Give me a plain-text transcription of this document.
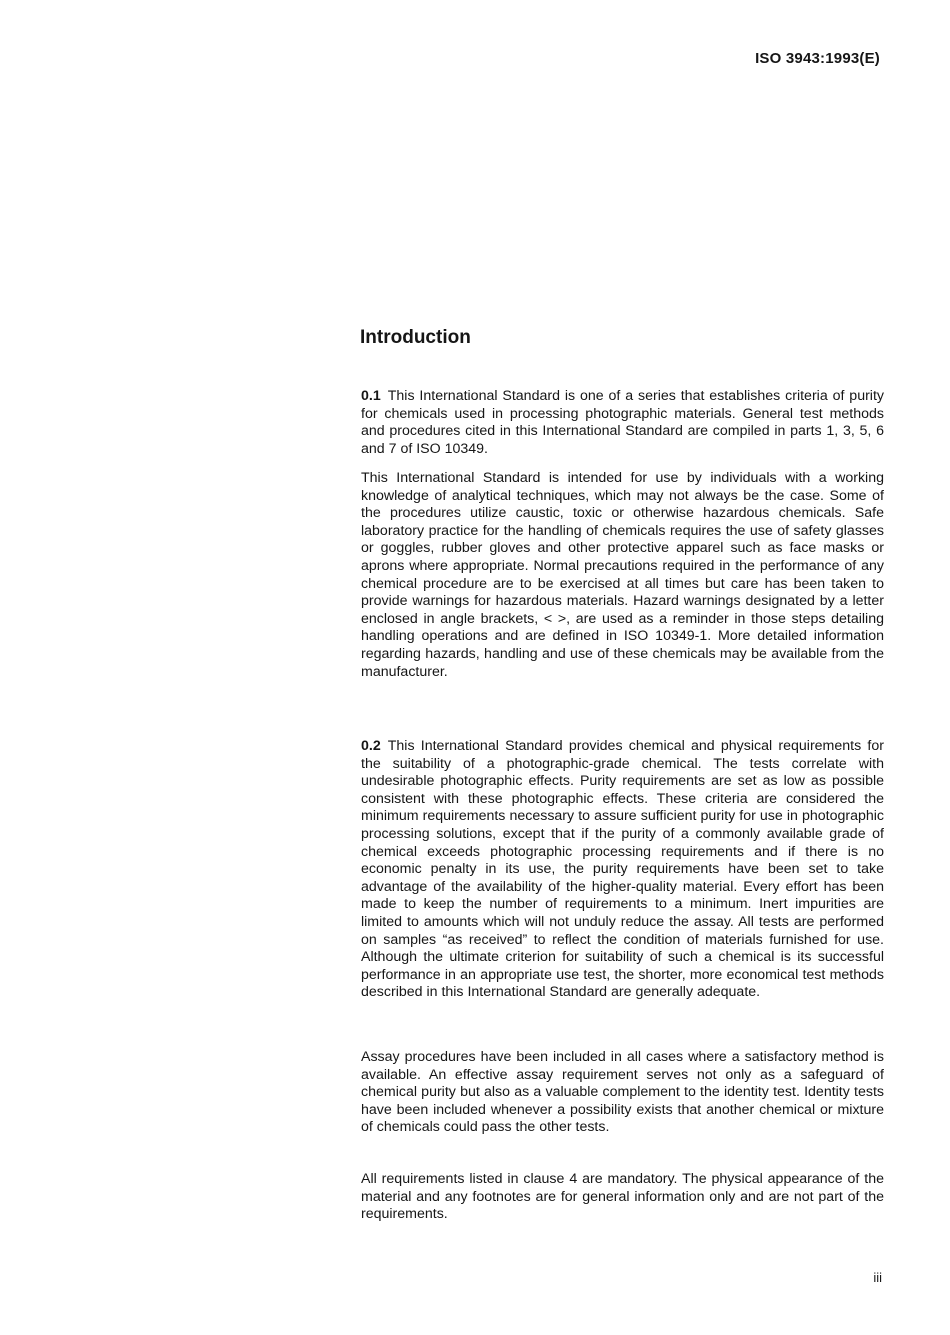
ISO 3943:1993(E)
Introduction

0.1 This International Standard is one of a series that establishes criteria of purity for chemicals used in processing photographic materials. General test methods and procedures cited in this International Standard are compiled in parts 1, 3, 5, 6 and 7 of ISO 10349.

This International Standard is intended for use by individuals with a working knowledge of analytical techniques, which may not always be the case. Some of the procedures utilize caustic, toxic or otherwise hazardous chemicals. Safe laboratory practice for the handling of chemicals requires the use of safety glasses or goggles, rubber gloves and other protective apparel such as face masks or aprons where appropriate. Normal precautions required in the performance of any chemical procedure are to be exercised at all times but care has been taken to provide warnings for hazardous materials. Hazard warnings designated by a letter enclosed in angle brackets, < >, are used as a reminder in those steps detailing handling operations and are defined in ISO 10349-1. More detailed information regarding hazards, handling and use of these chemicals may be available from the manufacturer.

0.2 This International Standard provides chemical and physical requirements for the suitability of a photographic-grade chemical. The tests correlate with undesirable photographic effects. Purity requirements are set as low as possible consistent with these photographic effects. These criteria are considered the minimum requirements necessary to assure sufficient purity for use in photographic processing solutions, except that if the purity of a commonly available grade of chemical exceeds photographic processing requirements and if there is no economic penalty in its use, the purity requirements have been set to take advantage of the availability of the higher-quality material. Every effort has been made to keep the number of requirements to a minimum. Inert impurities are limited to amounts which will not unduly reduce the assay. All tests are performed on samples “as received” to reflect the condition of materials furnished for use. Although the ultimate criterion for suitability of such a chemical is its successful performance in an appropriate use test, the shorter, more economical test methods described in this International Standard are generally adequate.

Assay procedures have been included in all cases where a satisfactory method is available. An effective assay requirement serves not only as a safeguard of chemical purity but also as a valuable complement to the identity test. Identity tests have been included whenever a possibility exists that another chemical or mixture of chemicals could pass the other tests.

All requirements listed in clause 4 are mandatory. The physical appearance of the material and any footnotes are for general information only and are not part of the requirements.

iii
